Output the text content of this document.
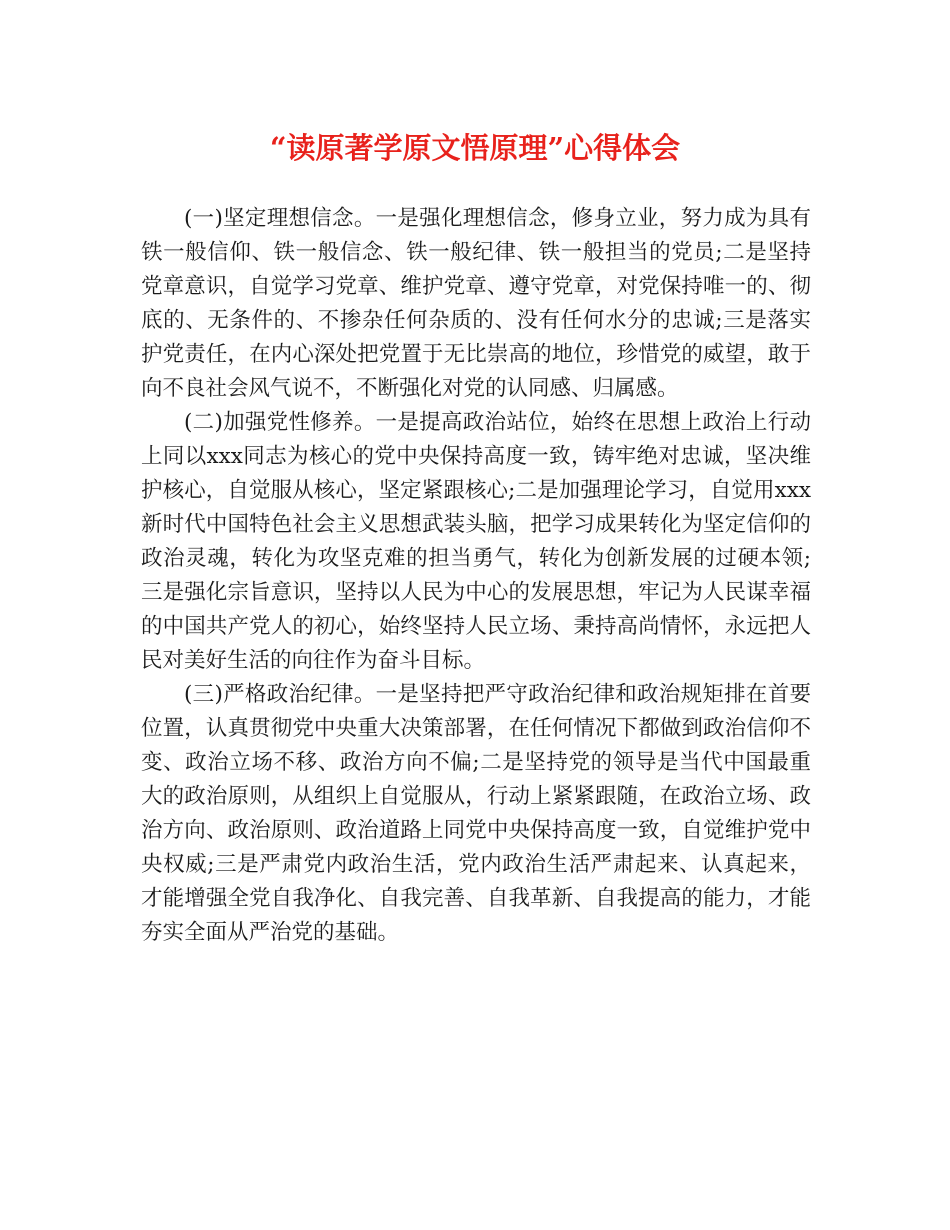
“读原著学原文悟原理”心得体会

(一)坚定理想信念。一是强化理想信念，修身立业，努力成为具有铁一般信仰、铁一般信念、铁一般纪律、铁一般担当的党员;二是坚持党章意识，自觉学习党章、维护党章、遵守党章，对党保持唯一的、彻底的、无条件的、不掺杂任何杂质的、没有任何水分的忠诚;三是落实护党责任，在内心深处把党置于无比崇高的地位，珍惜党的威望，敢于向不良社会风气说不，不断强化对党的认同感、归属感。

(二)加强党性修养。一是提高政治站位，始终在思想上政治上行动上同以xxx同志为核心的党中央保持高度一致，铸牢绝对忠诚，坚决维护核心，自觉服从核心，坚定紧跟核心;二是加强理论学习，自觉用xxx新时代中国特色社会主义思想武装头脑，把学习成果转化为坚定信仰的政治灵魂，转化为攻坚克难的担当勇气，转化为创新发展的过硬本领;三是强化宗旨意识，坚持以人民为中心的发展思想，牢记为人民谋幸福的中国共产党人的初心，始终坚持人民立场、秉持高尚情怀，永远把人民对美好生活的向往作为奋斗目标。

(三)严格政治纪律。一是坚持把严守政治纪律和政治规矩排在首要位置，认真贯彻党中央重大决策部署，在任何情况下都做到政治信仰不变、政治立场不移、政治方向不偏;二是坚持党的领导是当代中国最重大的政治原则，从组织上自觉服从，行动上紧紧跟随，在政治立场、政治方向、政治原则、政治道路上同党中央保持高度一致，自觉维护党中央权威;三是严肃党内政治生活，党内政治生活严肃起来、认真起来，才能增强全党自我净化、自我完善、自我革新、自我提高的能力，才能夯实全面从严治党的基础。
